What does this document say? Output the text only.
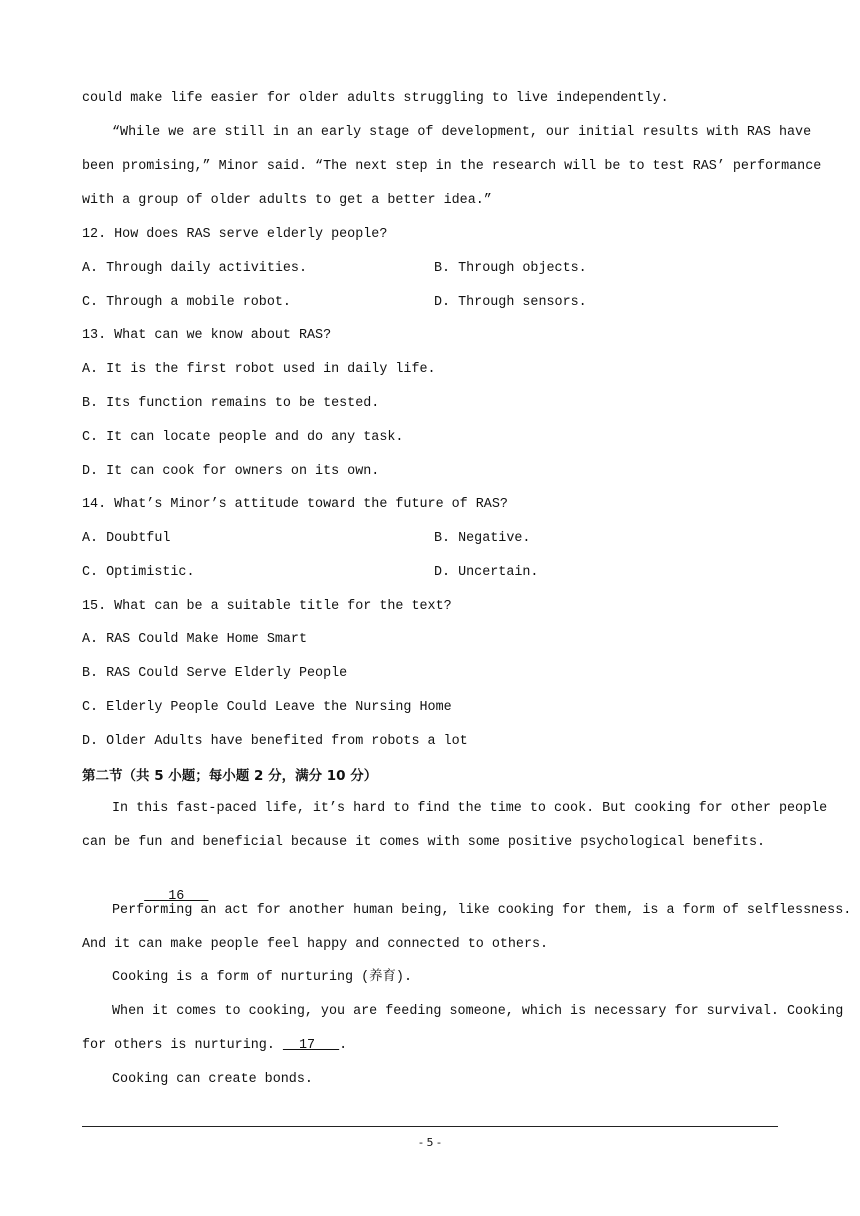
could make life easier for older adults struggling to live independently.
“While we are still in an early stage of development, our initial results with RAS have
been promising,” Minor said. “The next step in the research will be to test RAS’ performance
with a group of older adults to get a better idea.”
12. How does RAS serve elderly people?
A. Through daily activities.	B. Through objects.
C. Through a mobile robot.	D. Through sensors.
13. What can we know about RAS?
A. It is the first robot used in daily life.
B. Its function remains to be tested.
C. It can locate people and do any task.
D. It can cook for owners on its own.
14. What’s Minor’s attitude toward the future of RAS?
A. Doubtful	B. Negative.
C. Optimistic.	D. Uncertain.
15. What can be a suitable title for the text?
A. RAS Could Make Home Smart
B. RAS Could Serve Elderly People
C. Elderly People Could Leave the Nursing Home
D. Older Adults have benefited from robots a lot
第二节（共 5 小题；每小题 2 分，满分 10 分）
In this fast-paced life, it’s hard to find the time to cook. But cooking for other people
can be fun and beneficial because it comes with some positive psychological benefits.

16

Performing an act for another human being, like cooking for them, is a form of selflessness.
And it can make people feel happy and connected to others.
Cooking is a form of nurturing (养育).
When it comes to cooking, you are feeding someone, which is necessary for survival. Cooking
for others is nurturing.   17   .
Cooking can create bonds.
- 5 -
